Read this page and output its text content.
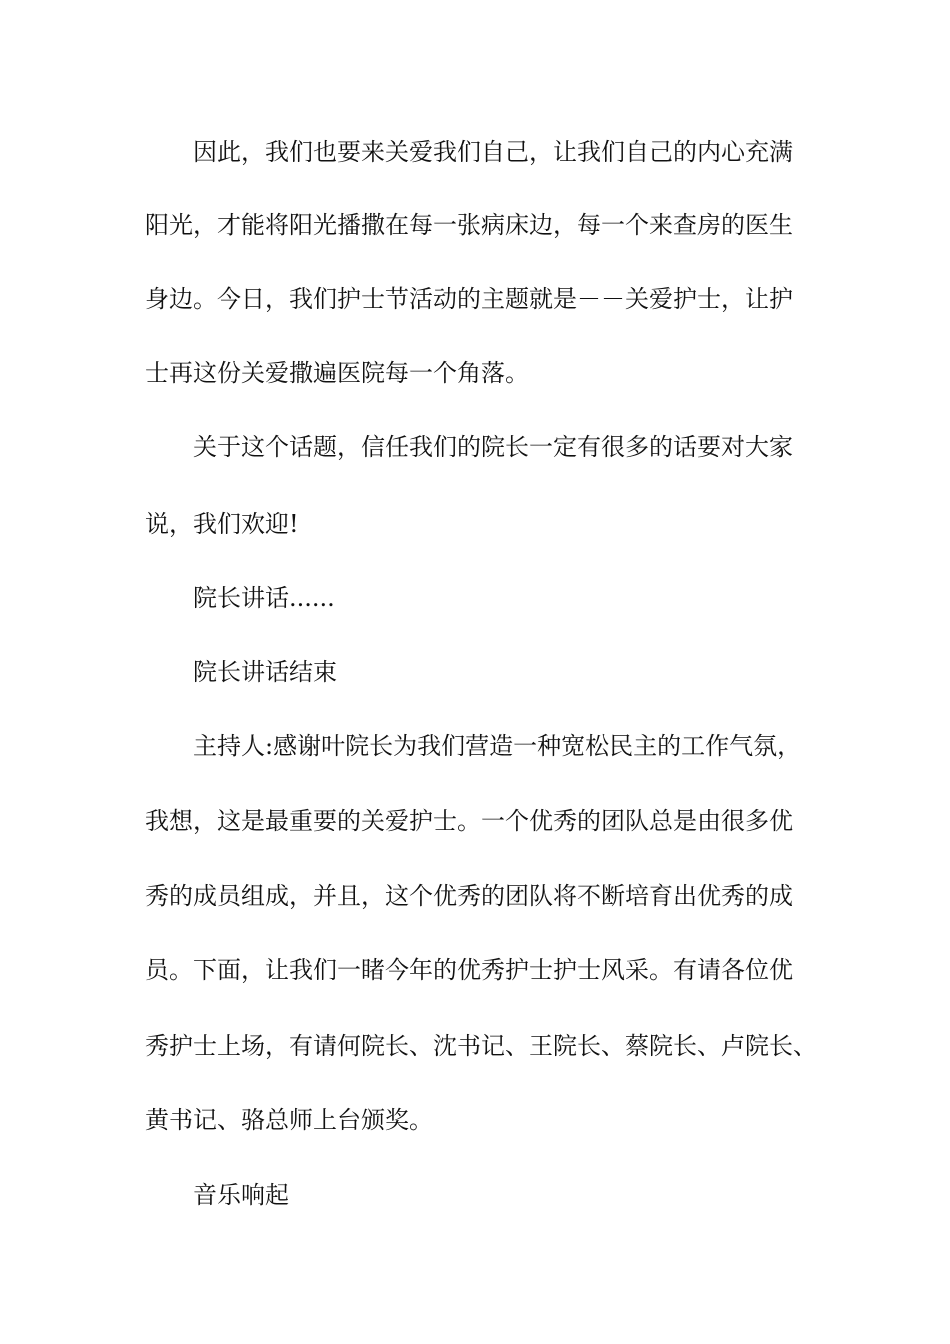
因此，我们也要来关爱我们自己，让我们自己的内心充满
阳光，才能将阳光播撒在每一张病床边，每一个来查房的医生
身边。今日，我们护士节活动的主题就是－－关爱护士，让护
士再这份关爱撒遍医院每一个角落。
关于这个话题，信任我们的院长一定有很多的话要对大家
说，我们欢迎!
院长讲话......
院长讲话结束
主持人:感谢叶院长为我们营造一种宽松民主的工作气氛，
我想，这是最重要的关爱护士。一个优秀的团队总是由很多优
秀的成员组成，并且，这个优秀的团队将不断培育出优秀的成
员。下面，让我们一睹今年的优秀护士护士风采。有请各位优
秀护士上场，有请何院长、沈书记、王院长、蔡院长、卢院长、
黄书记、骆总师上台颁奖。
音乐响起
